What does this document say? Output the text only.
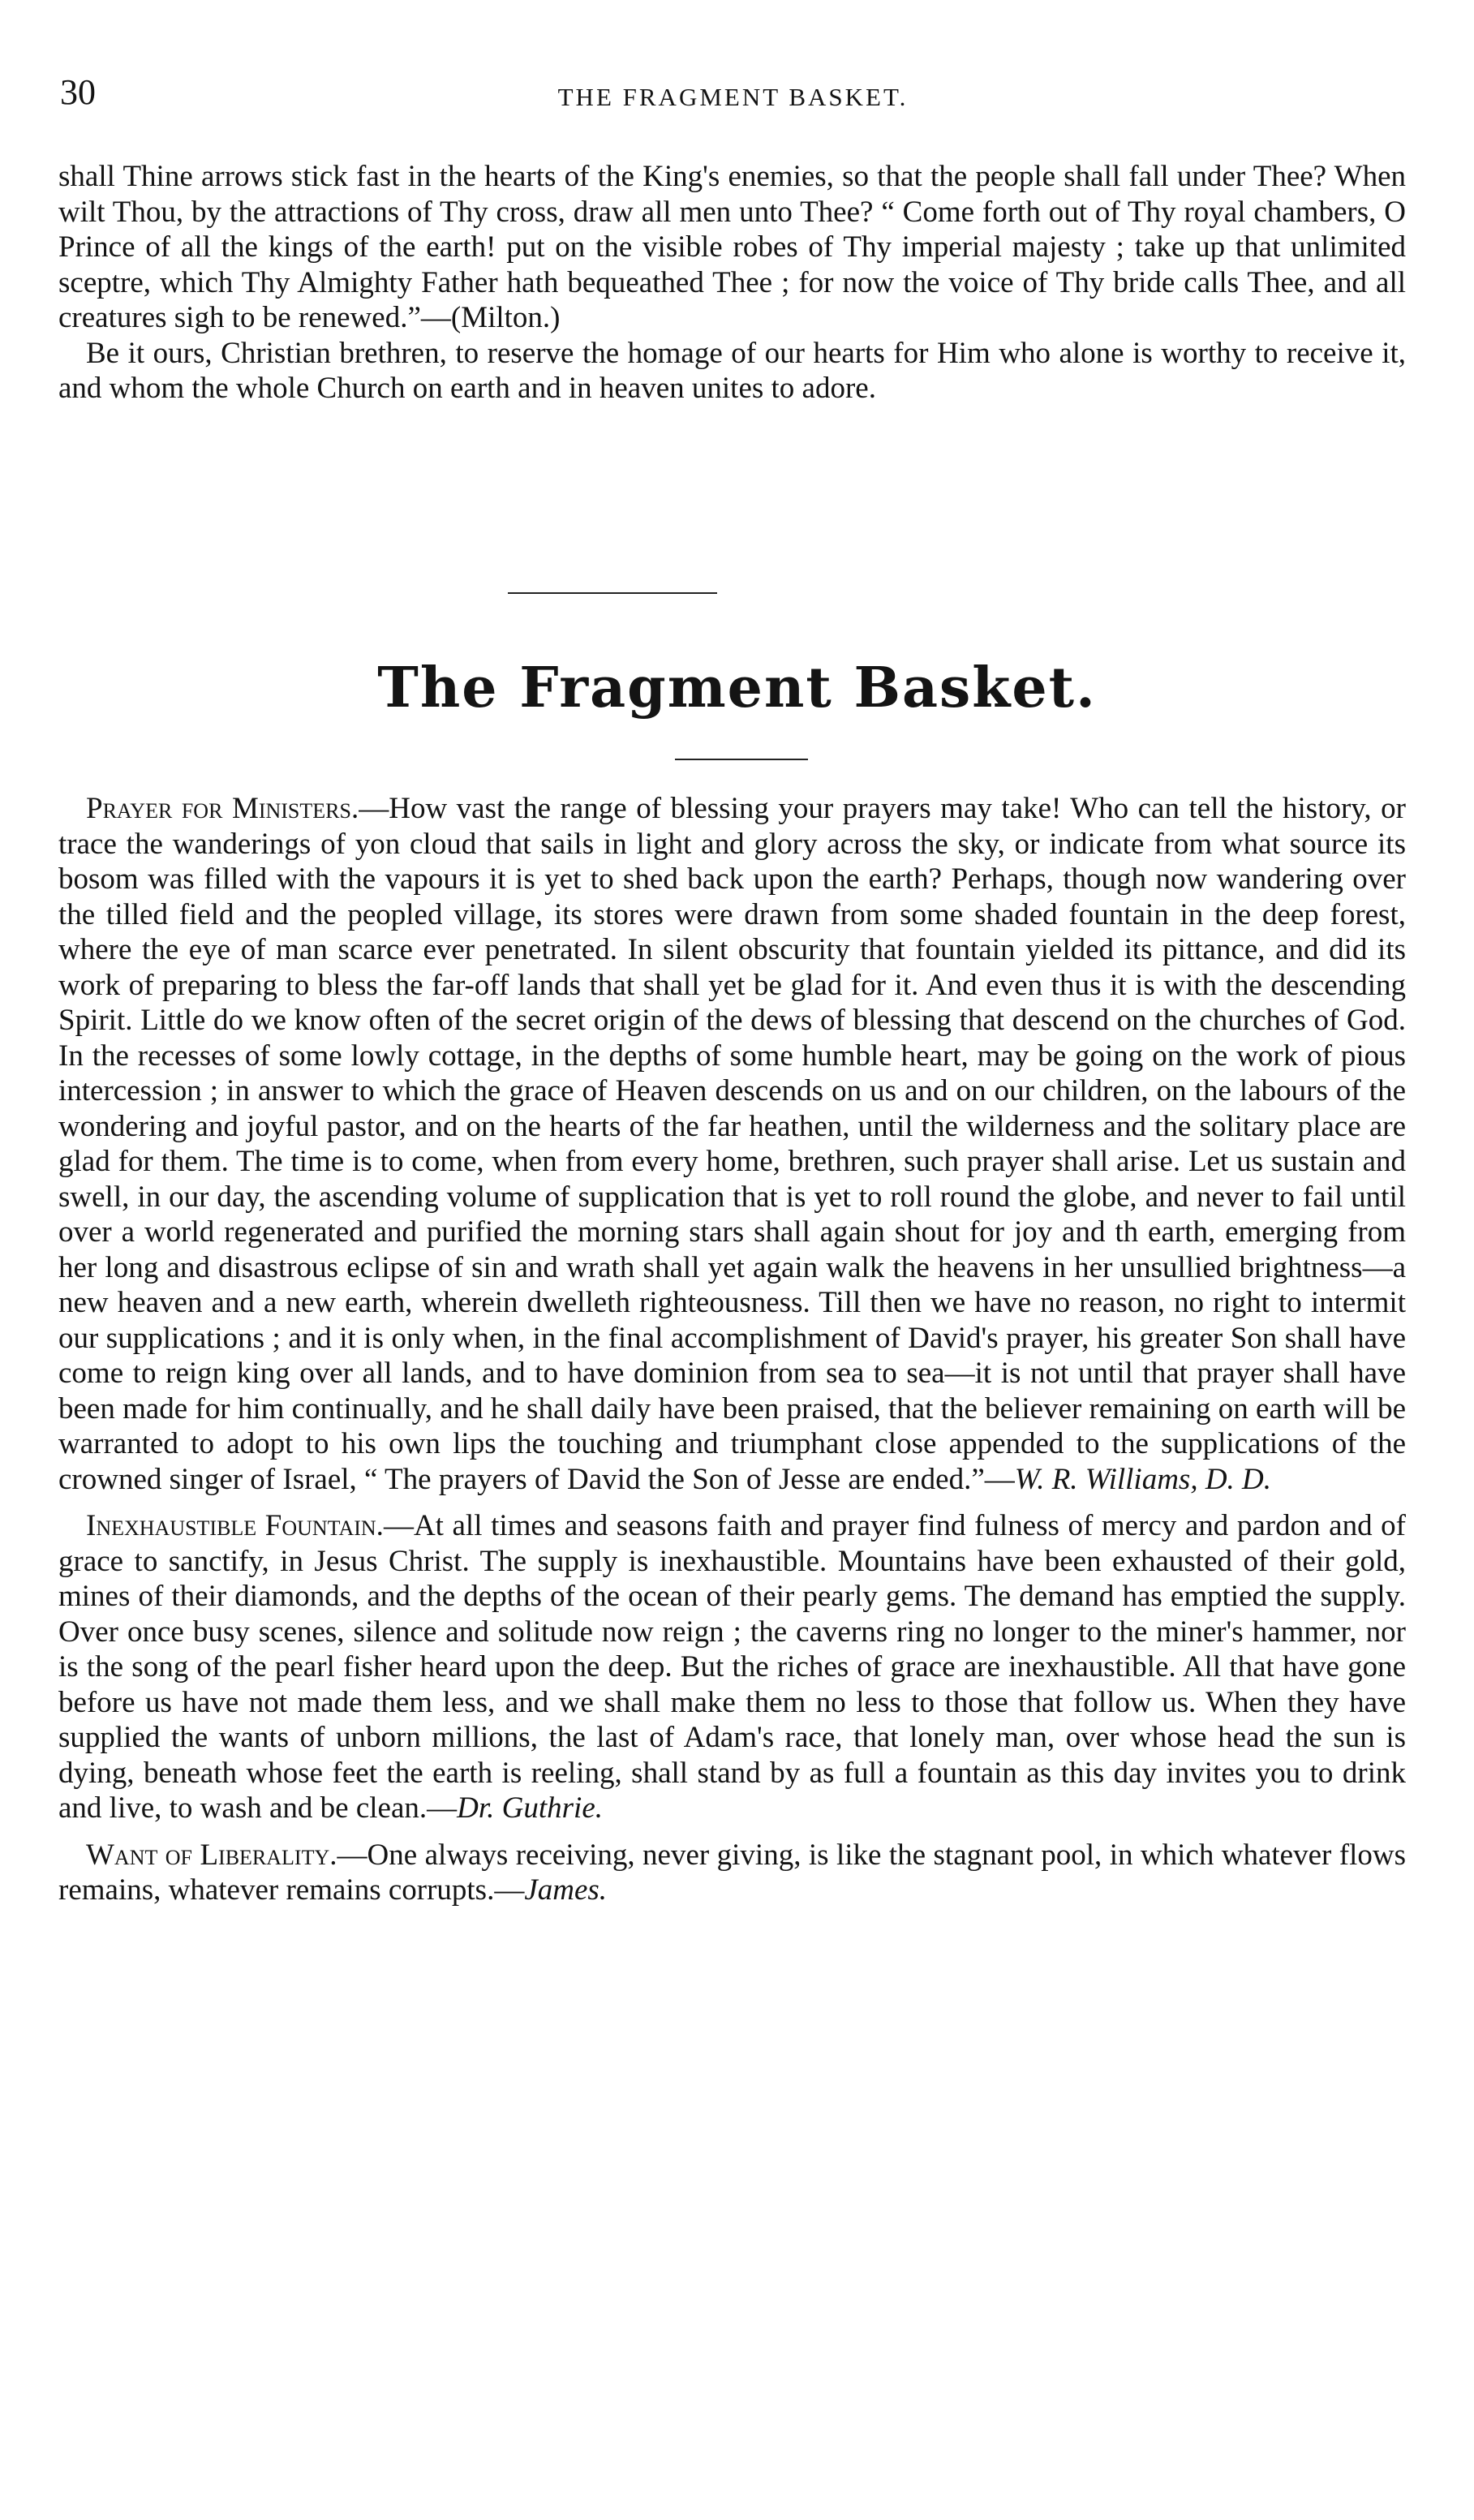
30	THE FRAGMENT BASKET.

shall Thine arrows stick fast in the hearts of the King's enemies, so that the people shall fall under Thee? When wilt Thou, by the attractions of Thy cross, draw all men unto Thee? “ Come forth out of Thy royal chambers, O Prince of all the kings of the earth! put on the visible robes of Thy imperial majesty ; take up that unlimited sceptre, which Thy Almighty Father hath bequeathed Thee ; for now the voice of Thy bride calls Thee, and all creatures sigh to be renewed.”—(Milton.)

Be it ours, Christian brethren, to reserve the homage of our hearts for Him who alone is worthy to receive it, and whom the whole Church on earth and in heaven unites to adore.

The Fragment Basket.

Prayer for Ministers.—How vast the range of blessing your prayers may take! Who can tell the history, or trace the wanderings of yon cloud that sails in light and glory across the sky, or indicate from what source its bosom was filled with the vapours it is yet to shed back upon the earth? Perhaps, though now wandering over the tilled field and the peopled village, its stores were drawn from some shaded fountain in the deep forest, where the eye of man scarce ever penetrated. In silent obscurity that fountain yielded its pittance, and did its work of preparing to bless the far-off lands that shall yet be glad for it. And even thus it is with the descending Spirit. Little do we know often of the secret origin of the dews of blessing that descend on the churches of God. In the recesses of some lowly cottage, in the depths of some humble heart, may be going on the work of pious intercession ; in answer to which the grace of Heaven descends on us and on our children, on the labours of the wondering and joyful pastor, and on the hearts of the far heathen, until the wilderness and the solitary place are glad for them. The time is to come, when from every home, brethren, such prayer shall arise. Let us sustain and swell, in our day, the ascending volume of supplication that is yet to roll round the globe, and never to fail until over a world regenerated and purified the morning stars shall again shout for joy and th earth, emerging from her long and disastrous eclipse of sin and wrath shall yet again walk the heavens in her unsullied brightness—a new heaven and a new earth, wherein dwelleth righteousness. Till then we have no reason, no right to intermit our supplications ; and it is only when, in the final accomplishment of David's prayer, his greater Son shall have come to reign king over all lands, and to have dominion from sea to sea—it is not until that prayer shall have been made for him continually, and he shall daily have been praised, that the believer remaining on earth will be warranted to adopt to his own lips the touching and triumphant close appended to the supplications of the crowned singer of Israel, “ The prayers of David the Son of Jesse are ended.”—W. R. Williams, D. D.

Inexhaustible Fountain.—At all times and seasons faith and prayer find fulness of mercy and pardon and of grace to sanctify, in Jesus Christ. The supply is inexhaustible. Mountains have been exhausted of their gold, mines of their diamonds, and the depths of the ocean of their pearly gems. The demand has emptied the supply. Over once busy scenes, silence and solitude now reign ; the caverns ring no longer to the miner's hammer, nor is the song of the pearl fisher heard upon the deep. But the riches of grace are inexhaustible. All that have gone before us have not made them less, and we shall make them no less to those that follow us. When they have supplied the wants of unborn millions, the last of Adam's race, that lonely man, over whose head the sun is dying, beneath whose feet the earth is reeling, shall stand by as full a fountain as this day invites you to drink and live, to wash and be clean.—Dr. Guthrie.

Want of Liberality.—One always receiving, never giving, is like the stagnant pool, in which whatever flows remains, whatever remains corrupts.—James.
